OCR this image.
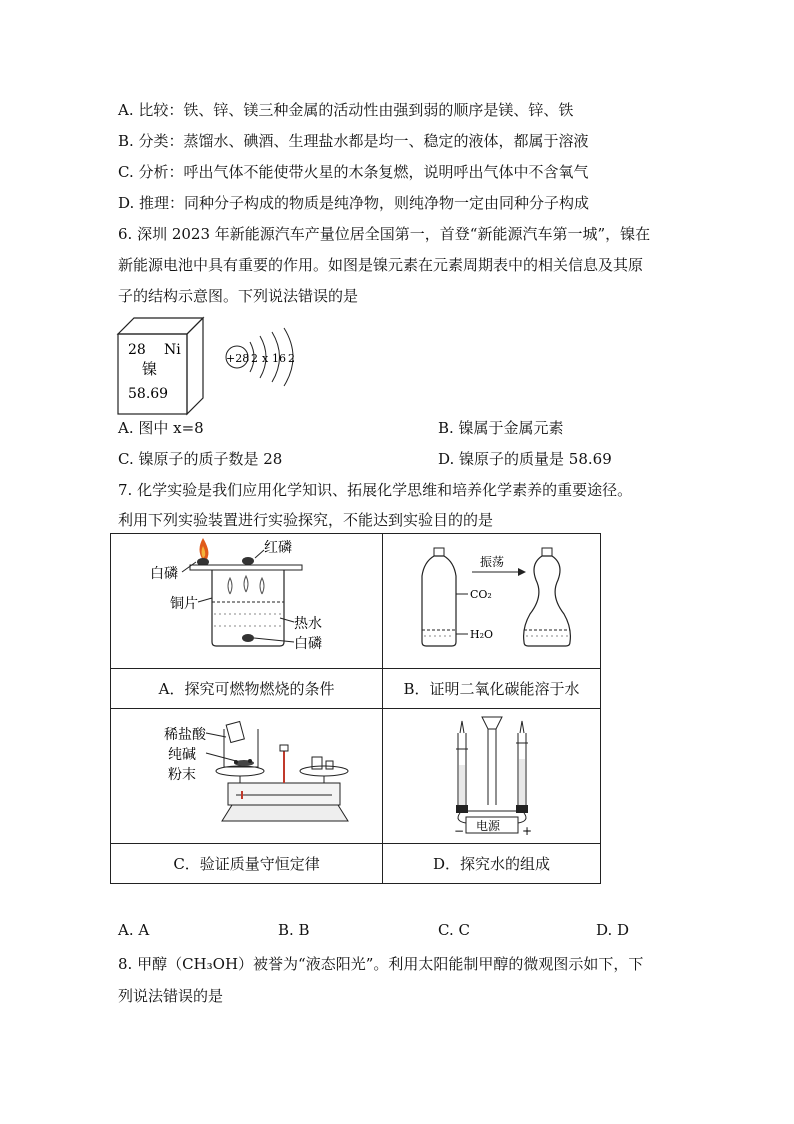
A. 比较：铁、锌、镁三种金属的活动性由强到弱的顺序是镁、锌、铁
B. 分类：蒸馏水、碘酒、生理盐水都是均一、稳定的液体，都属于溶液
C. 分析：呼出气体不能使带火星的木条复燃，说明呼出气体中不含氧气
D. 推理：同种分子构成的物质是纯净物，则纯净物一定由同种分子构成
6. 深圳 2023 年新能源汽车产量位居全国第一，首登“新能源汽车第一城”，镍在
新能源电池中具有重要的作用。如图是镍元素在元素周期表中的相关信息及其原
子的结构示意图。下列说法错误的是
28 Ni
镍
58.69
+28 2 x 16 2
A. 图中 x=8	B. 镍属于金属元素
C. 镍原子的质子数是 28	D. 镍原子的质量是 58.69
7. 化学实验是我们应用化学知识、拓展化学思维和培养化学素养的重要途径。
利用下列实验装置进行实验探究，不能达到实验目的的是
红磷
白磷
铜片
热水
白磷	CO₂
H₂O
振荡

A．探究可燃物燃烧的条件	B．证明二氧化碳能溶于水

稀盐酸
纯碱
粉末	电源
− +

C．验证质量守恒定律	D．探究水的组成
A. A	B. B	C. C	D. D
8. 甲醇（CH₃OH）被誉为“液态阳光”。利用太阳能制甲醇的微观图示如下，下
列说法错误的是
